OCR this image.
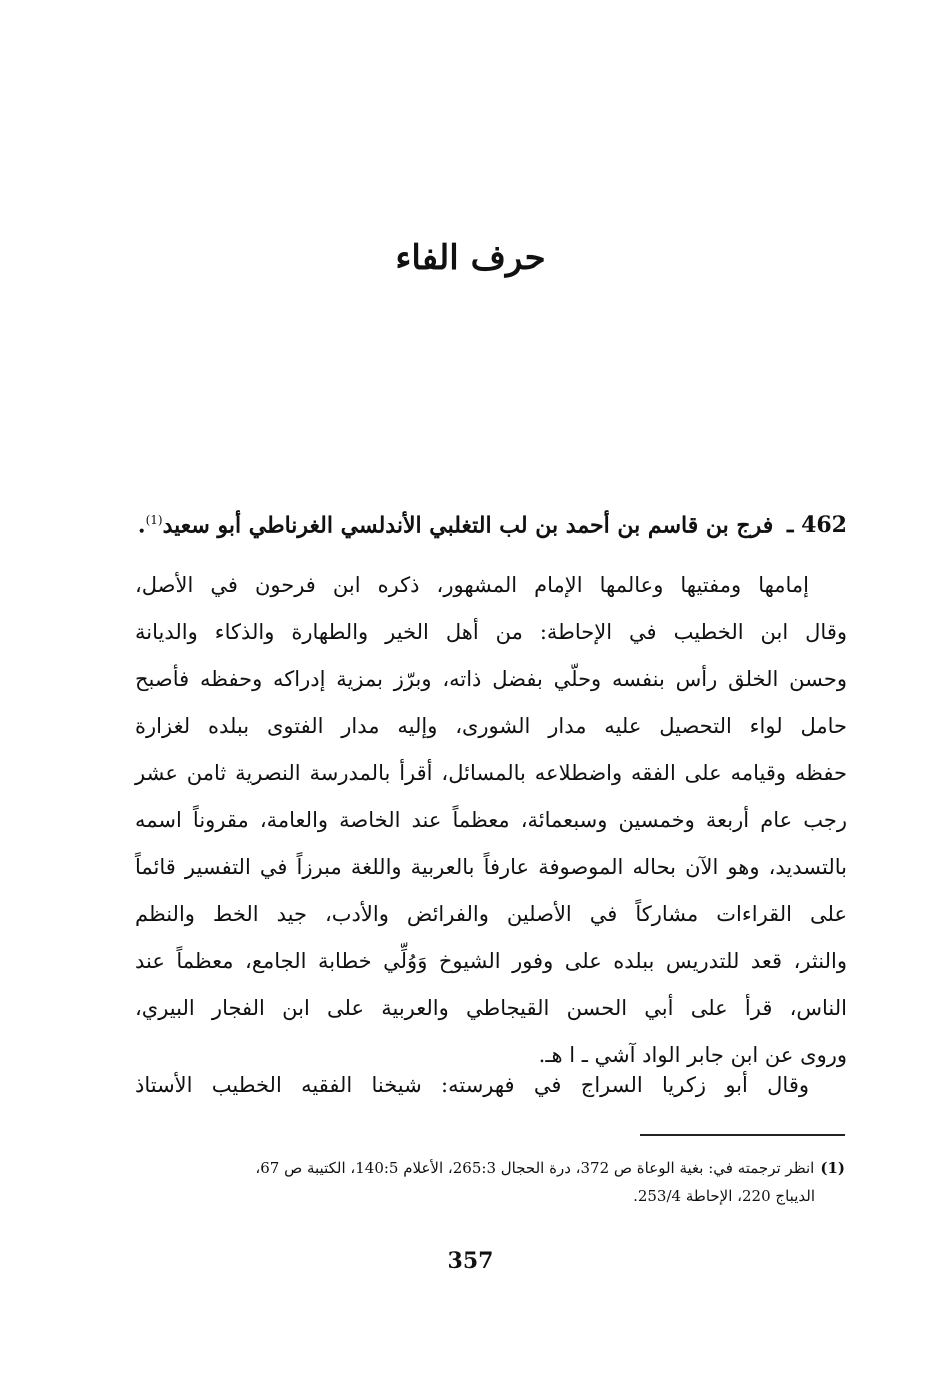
حرف الفاء
462 ـ فرج بن قاسم بن أحمد بن لب التغلبي الأندلسي الغرناطي أبو سعيد$^{(1)}$.
إمامها ومفتيها وعالمها الإمام المشهور، ذكره ابن فرحون في الأصل،
وقال ابن الخطيب في الإحاطة: من أهل الخير والطهارة والذكاء والديانة
وحسن الخلق رأس بنفسه وحلّي بفضل ذاته، وبرّز بمزية إدراكه وحفظه فأصبح
حامل لواء التحصيل عليه مدار الشورى، وإليه مدار الفتوى ببلده لغزارة
حفظه وقيامه على الفقه واضطلاعه بالمسائل، أقرأ بالمدرسة النصرية ثامن عشر
رجب عام أربعة وخمسين وسبعمائة، معظماً عند الخاصة والعامة، مقروناً اسمه
بالتسديد، وهو الآن بحاله الموصوفة عارفاً بالعربية واللغة مبرزاً في التفسير قائماً
على القراءات مشاركاً في الأصلين والفرائض والأدب، جيد الخط والنظم
والنثر، قعد للتدريس ببلده على وفور الشيوخ وَوُلِّي خطابة الجامع، معظماً عند
الناس، قرأ على أبي الحسن القيجاطي والعربية على ابن الفجار البيري،
وروى عن ابن جابر الواد آشي ـ ا هـ.
وقال أبو زكريا السراج في فهرسته: شيخنا الفقيه الخطيب الأستاذ
(1)انظر ترجمته في: بغية الوعاة ص 372، درة الحجال 265:3، الأعلام 140:5، الكتيبة ص 67،
الديباج 220، الإحاطة 253/4.
357
